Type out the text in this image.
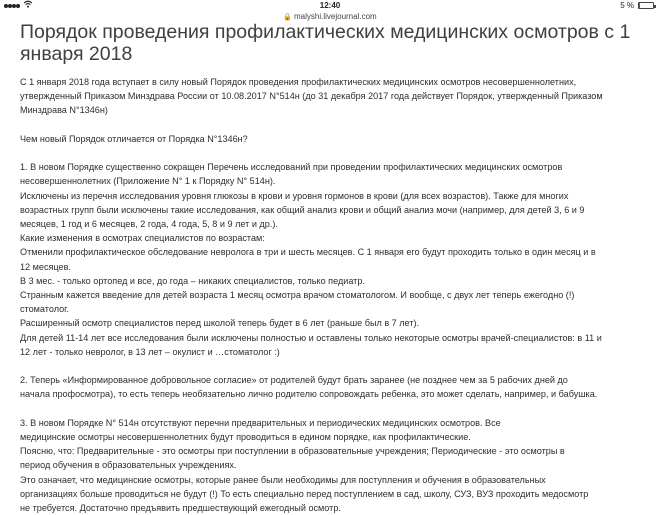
12:40	5 %
🔒 malyshi.livejournal.com
Порядок проведения профилактических медицинских осмотров с 1
января 2018
С 1 января 2018 года вступает в силу новый Порядок проведения профилактических медицинских осмотров несовершеннолетних,
утвержденный Приказом Минздрава России от 10.08.2017 N°514н (до 31 декабря 2017 года действует Порядок, утвержденный Приказом
Минздрава N°1346н)
Чем новый Порядок отличается от Порядка N°1346н?
1. В новом Порядке существенно сокращен Перечень исследований при проведении профилактических медицинских осмотров
несовершеннолетних (Приложение N° 1 к Порядку N° 514н).
Исключены из перечня исследования уровня глюкозы в крови и уровня гормонов в крови (для всех возрастов). Также для многих
возрастных групп были исключены такие исследования, как общий анализ крови и общий анализ мочи (например, для детей 3, 6 и 9
месяцев, 1 год и 6 месяцев, 2 года, 4 года, 5, 8 и 9 лет и др.).
Какие изменения в осмотрах специалистов по возрастам:
Отменили профилактическое обследование невролога в три и шесть месяцев. С 1 января его будут проходить только в один месяц и в
12 месяцев.
В 3 мес. - только ортопед и все, до года – никаких специалистов, только педиатр.
Странным кажется введение для детей возраста 1 месяц осмотра врачом стоматологом. И вообще, с двух лет теперь ежегодно (!)
стоматолог.
Расширенный осмотр специалистов перед школой теперь будет в 6 лет (раньше был в 7 лет).
Для детей 11-14 лет все исследования были исключены полностью и оставлены только некоторые осмотры врачей-специалистов: в 11 и
12 лет - только невролог, в 13 лет – окулист и …стоматолог :)
2. Теперь «Информированное добровольное согласие» от родителей будут брать заранее (не позднее чем за 5 рабочих дней до
начала профосмотра), то есть теперь необязательно лично родителю сопровождать ребенка, это может сделать, например, и бабушка.
3. В новом Порядке N° 514н отсутствуют перечни предварительных и периодических медицинских осмотров. Все
медицинские осмотры несовершеннолетних будут проводиться в едином порядке, как профилактические.
Поясню, что: Предварительные - это осмотры при поступлении в образовательные учреждения; Периодические - это осмотры в
период обучения в образовательных учреждениях.
Это означает, что медицинские осмотры, которые ранее были необходимы для поступления и обучения в образовательных
организациях больше проводиться не будут (!) То есть специально перед поступлением в сад, школу, СУЗ, ВУЗ проходить медосмотр
не требуется. Достаточно предъявить предшествующий ежегодный осмотр.
